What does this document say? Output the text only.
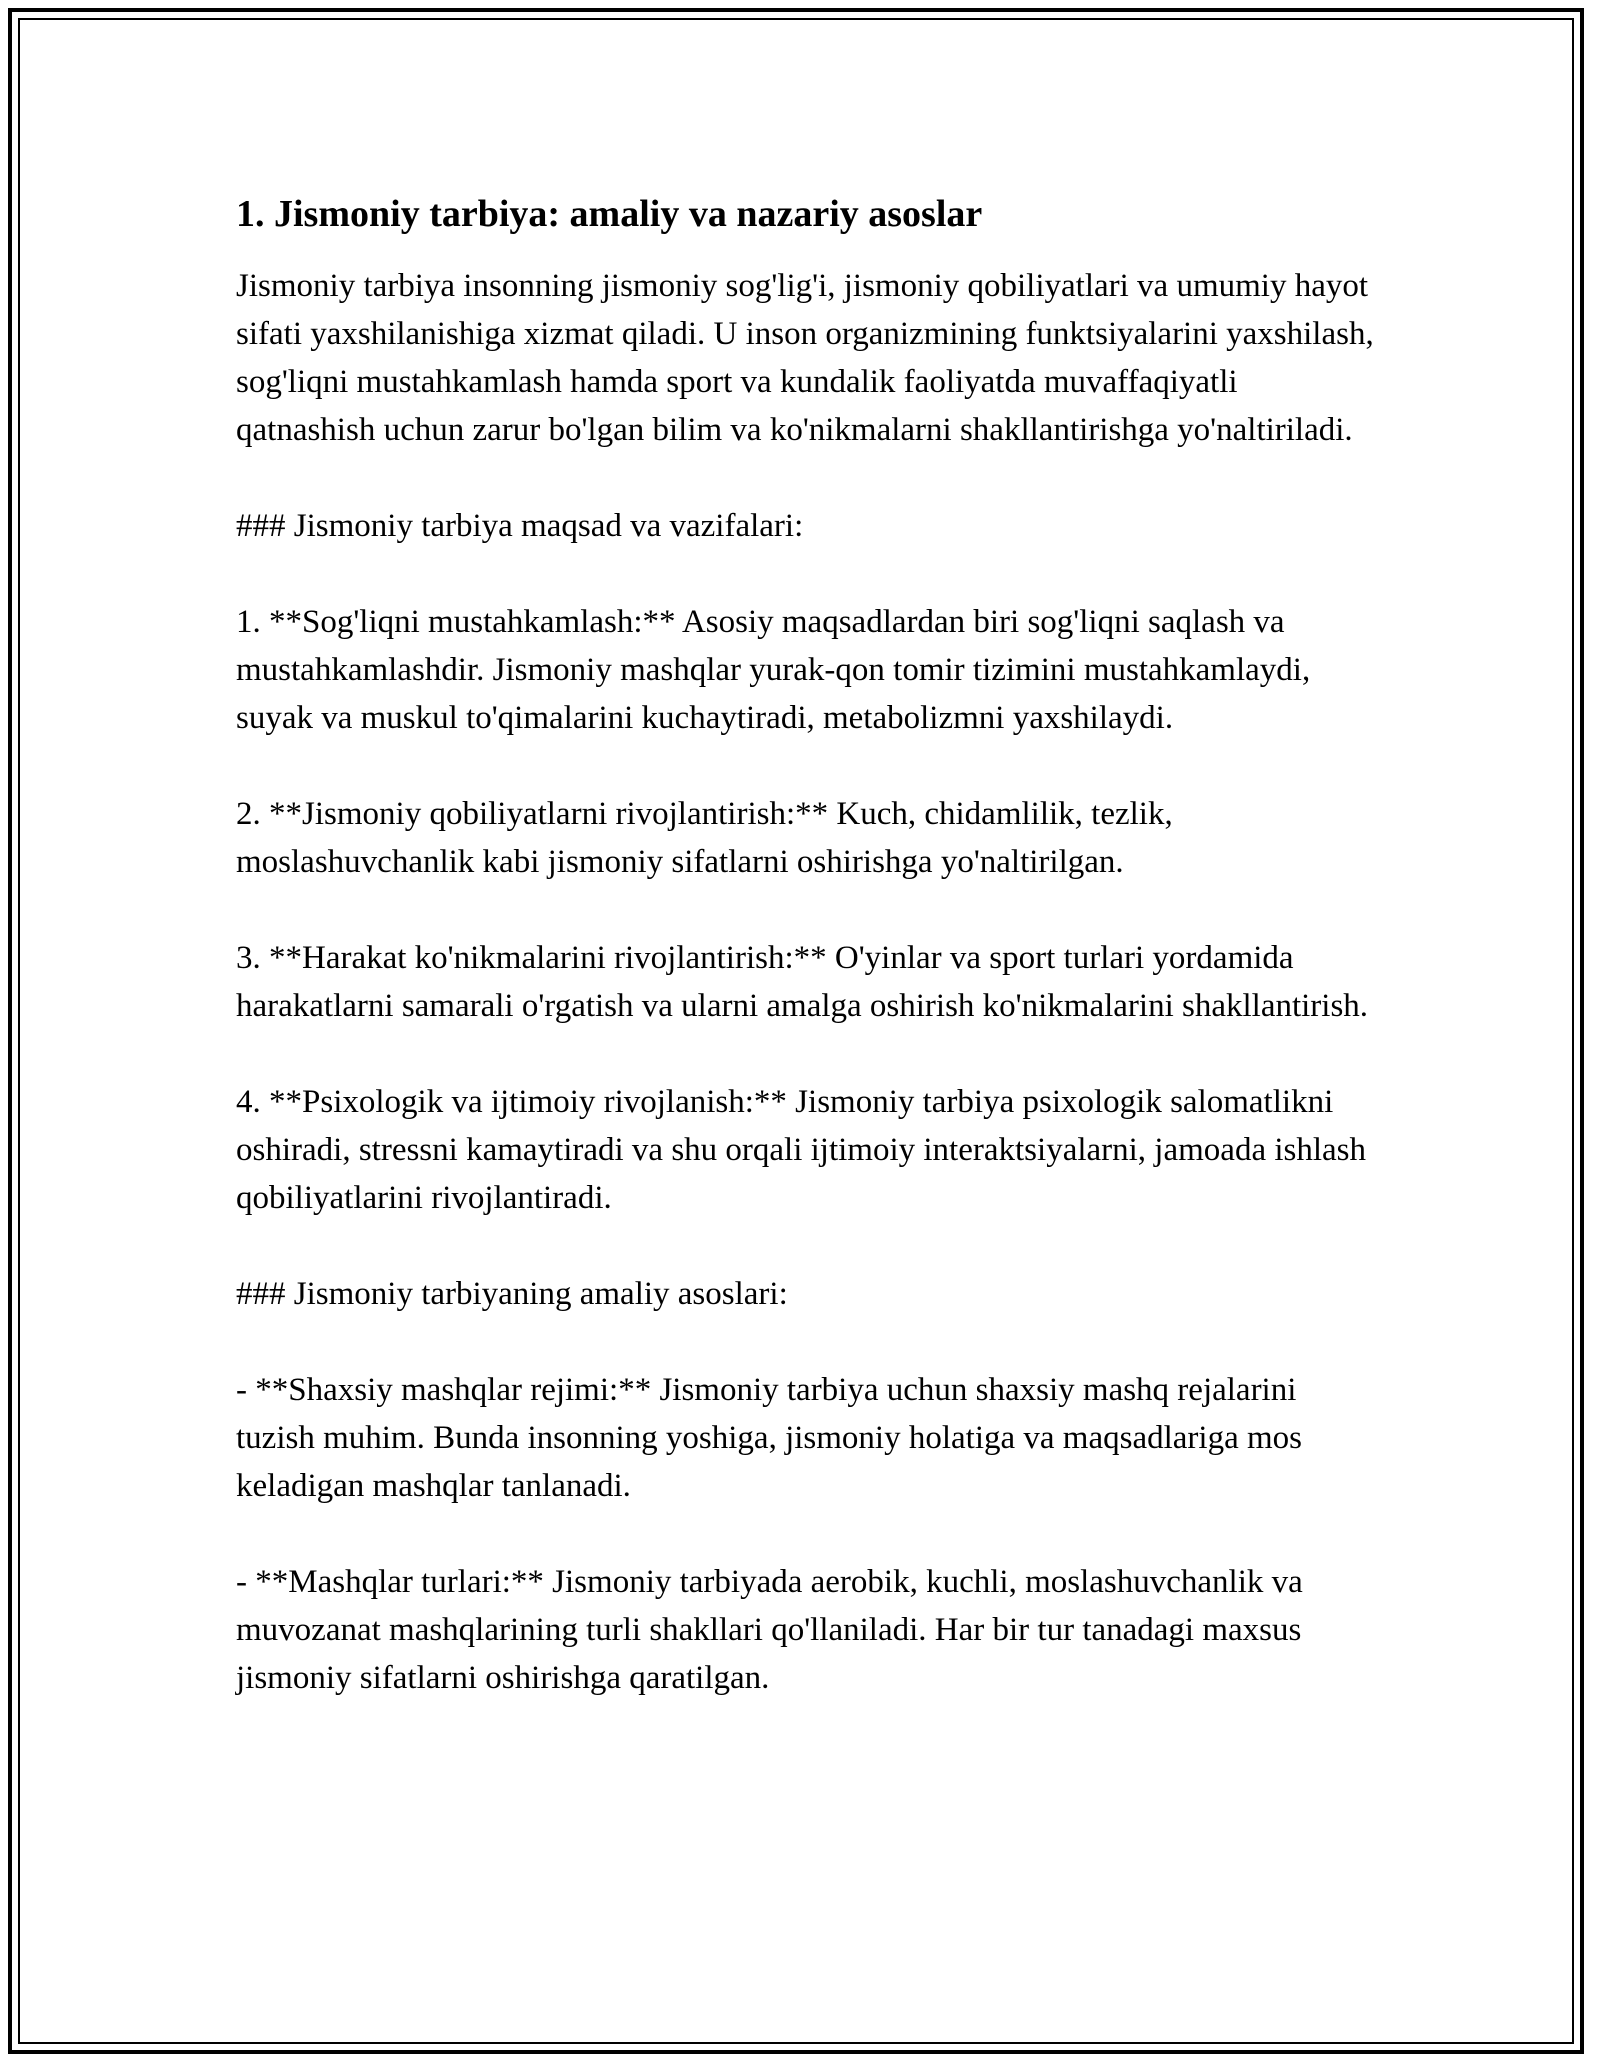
1. Jismoniy tarbiya: amaliy va nazariy asoslar

Jismoniy tarbiya insonning jismoniy sog'lig'i, jismoniy qobiliyatlari va umumiy hayot sifati yaxshilanishiga xizmat qiladi. U inson organizmining funktsiyalarini yaxshilash, sog'liqni mustahkamlash hamda sport va kundalik faoliyatda muvaffaqiyatli qatnashish uchun zarur bo'lgan bilim va ko'nikmalarni shakllantirishga yo'naltiriladi.

### Jismoniy tarbiya maqsad va vazifalari:

1. **Sog'liqni mustahkamlash:** Asosiy maqsadlardan biri sog'liqni saqlash va mustahkamlashdir. Jismoniy mashqlar yurak-qon tomir tizimini mustahkamlaydi, suyak va muskul to'qimalarini kuchaytiradi, metabolizmni yaxshilaydi.

2. **Jismoniy qobiliyatlarni rivojlantirish:** Kuch, chidamlilik, tezlik, moslashuvchanlik kabi jismoniy sifatlarni oshirishga yo'naltirilgan.

3. **Harakat ko'nikmalarini rivojlantirish:** O'yinlar va sport turlari yordamida harakatlarni samarali o'rgatish va ularni amalga oshirish ko'nikmalarini shakllantirish.

4. **Psixologik va ijtimoiy rivojlanish:** Jismoniy tarbiya psixologik salomatlikni oshiradi, stressni kamaytiradi va shu orqali ijtimoiy interaktsiyalarni, jamoada ishlash qobiliyatlarini rivojlantiradi.

### Jismoniy tarbiyaning amaliy asoslari:

- **Shaxsiy mashqlar rejimi:** Jismoniy tarbiya uchun shaxsiy mashq rejalarini tuzish muhim. Bunda insonning yoshiga, jismoniy holatiga va maqsadlariga mos keladigan mashqlar tanlanadi.

- **Mashqlar turlari:** Jismoniy tarbiyada aerobik, kuchli, moslashuvchanlik va muvozanat mashqlarining turli shakllari qo'llaniladi. Har bir tur tanadagi maxsus jismoniy sifatlarni oshirishga qaratilgan.
